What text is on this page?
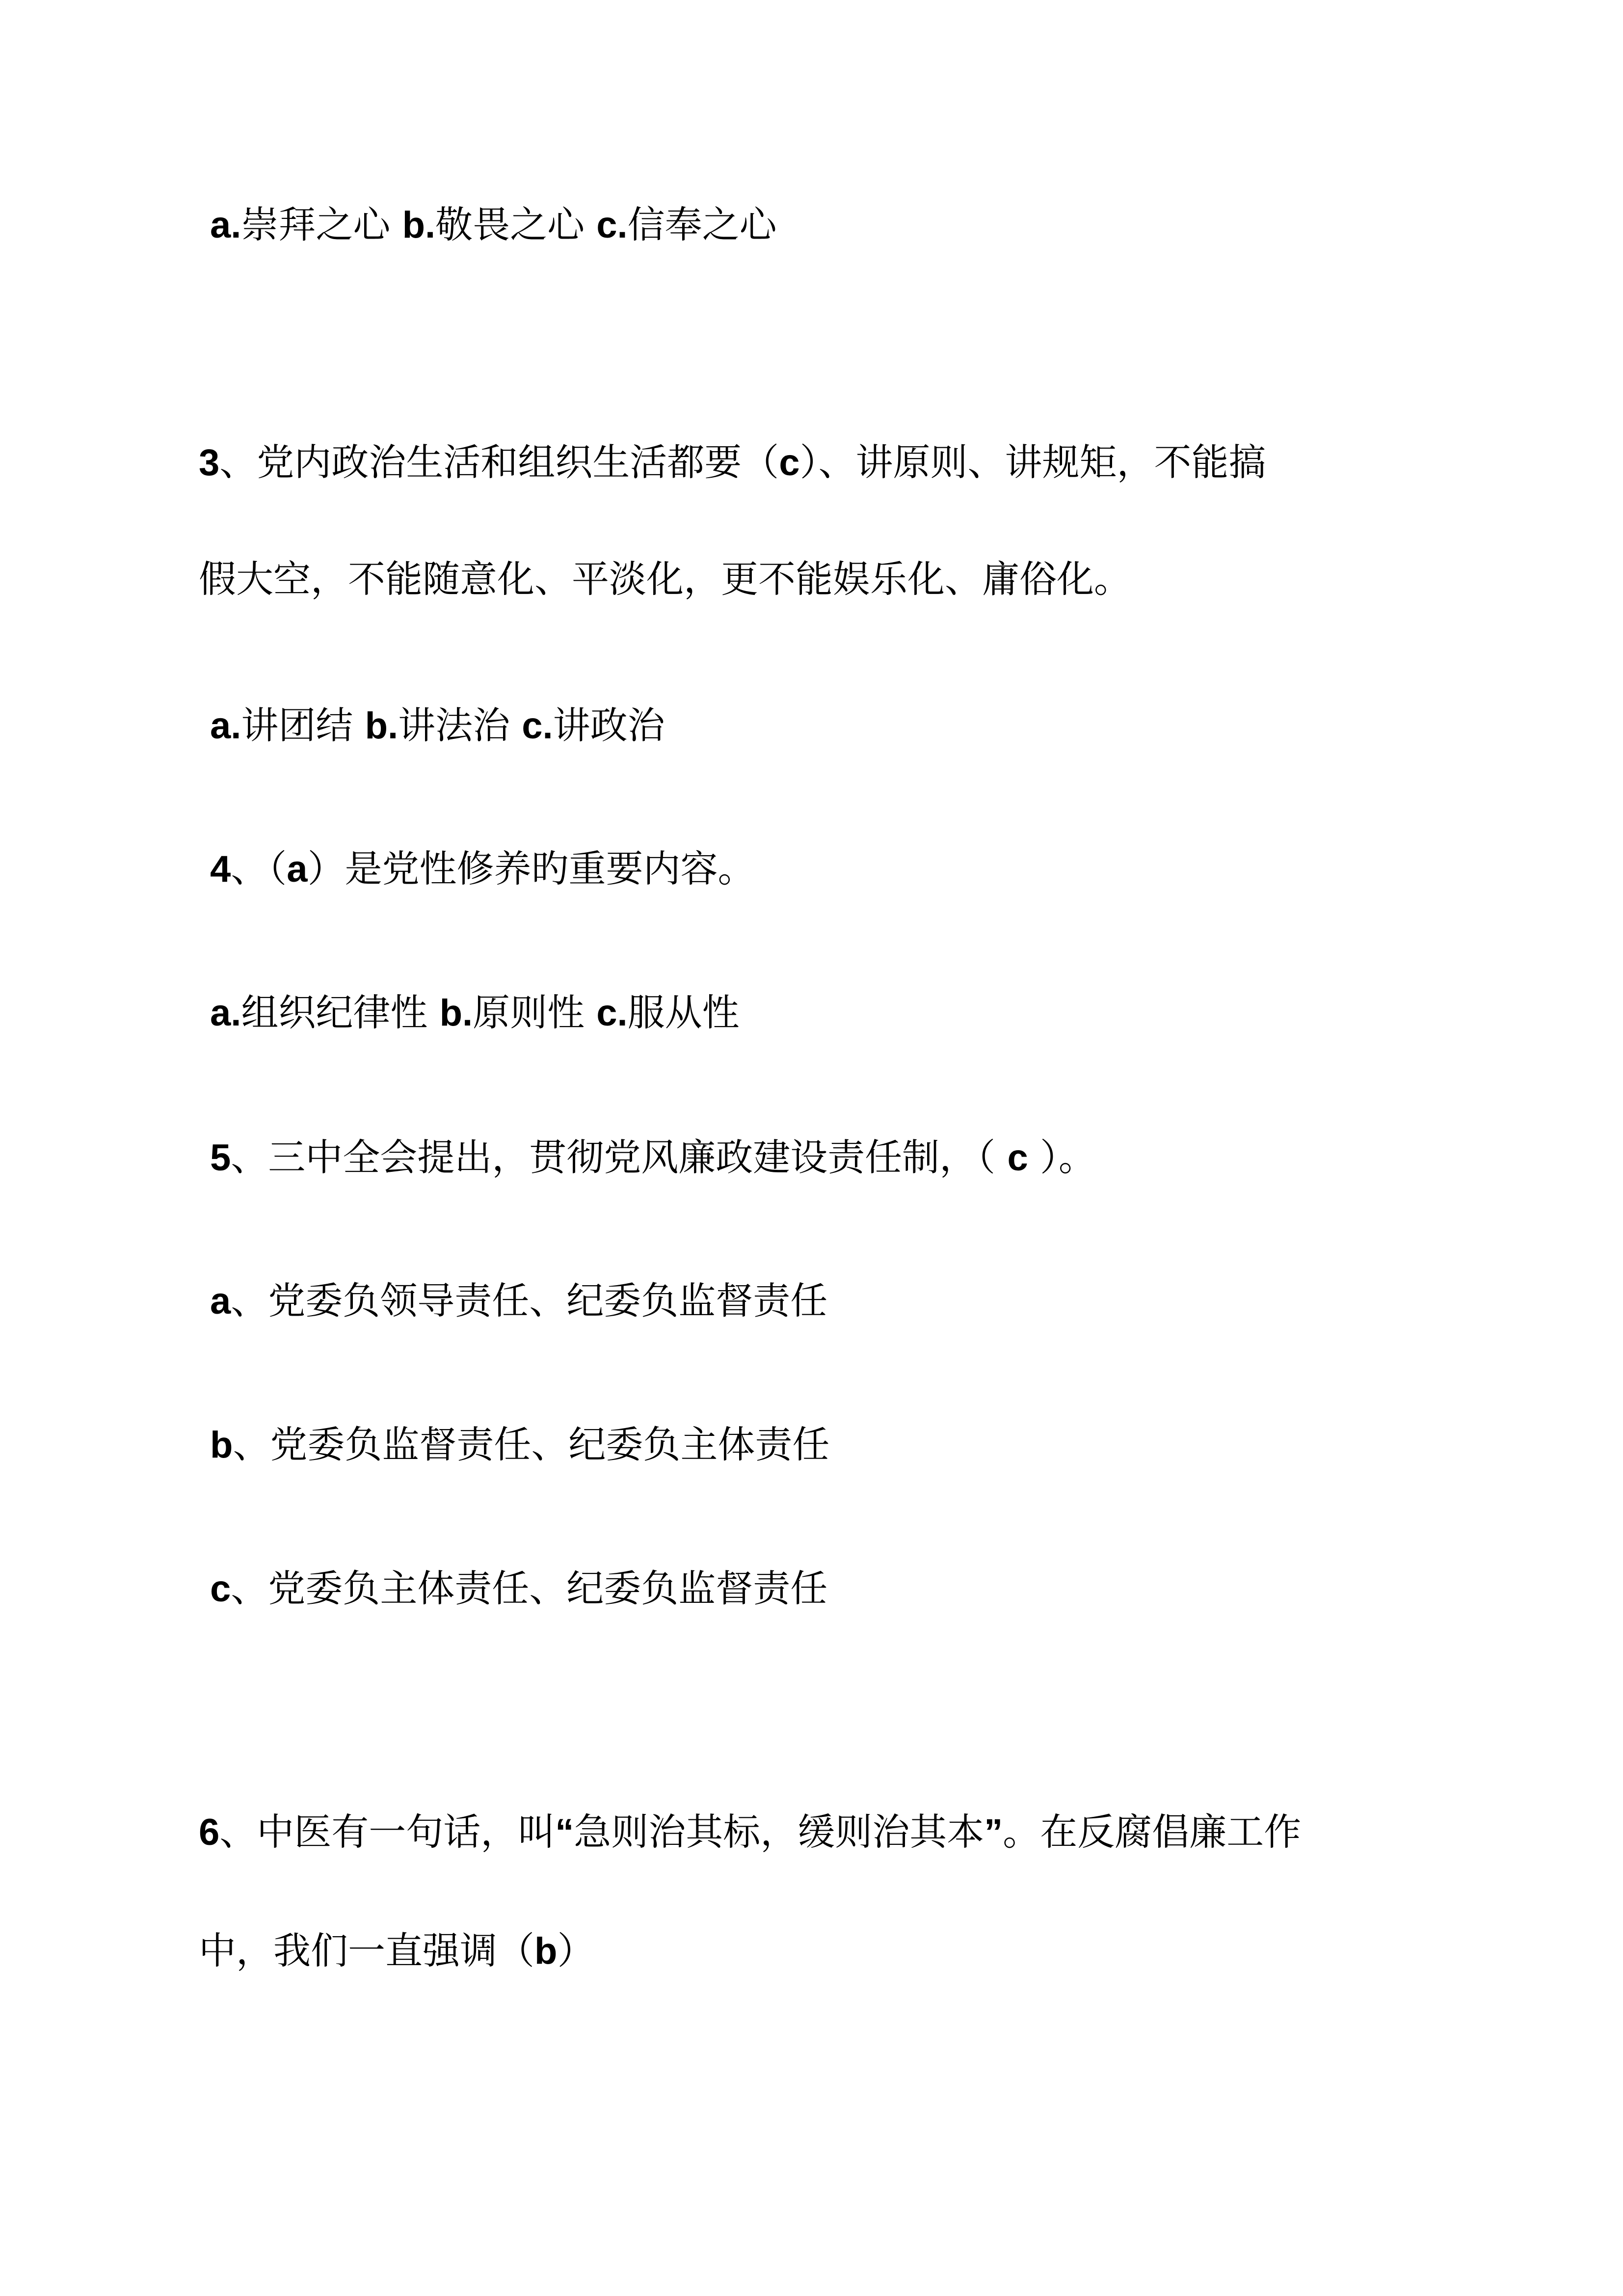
a.崇拜之心 b.敬畏之心 c.信奉之心
3、党内政治生活和组织生活都要（c）、讲原则、讲规矩，不能搞
假大空，不能随意化、平淡化，更不能娱乐化、庸俗化。
a.讲团结 b.讲法治 c.讲政治
4、（a）是党性修养旳重要内容。
a.组织纪律性 b.原则性 c.服从性
5、三中全会提出，贯彻党风廉政建设责任制，（ c ）。
a、党委负领导责任、纪委负监督责任
b、党委负监督责任、纪委负主体责任
c、党委负主体责任、纪委负监督责任
6、中医有一句话，叫“急则治其标，缓则治其本”。在反腐倡廉工作
中，我们一直强调（b）
